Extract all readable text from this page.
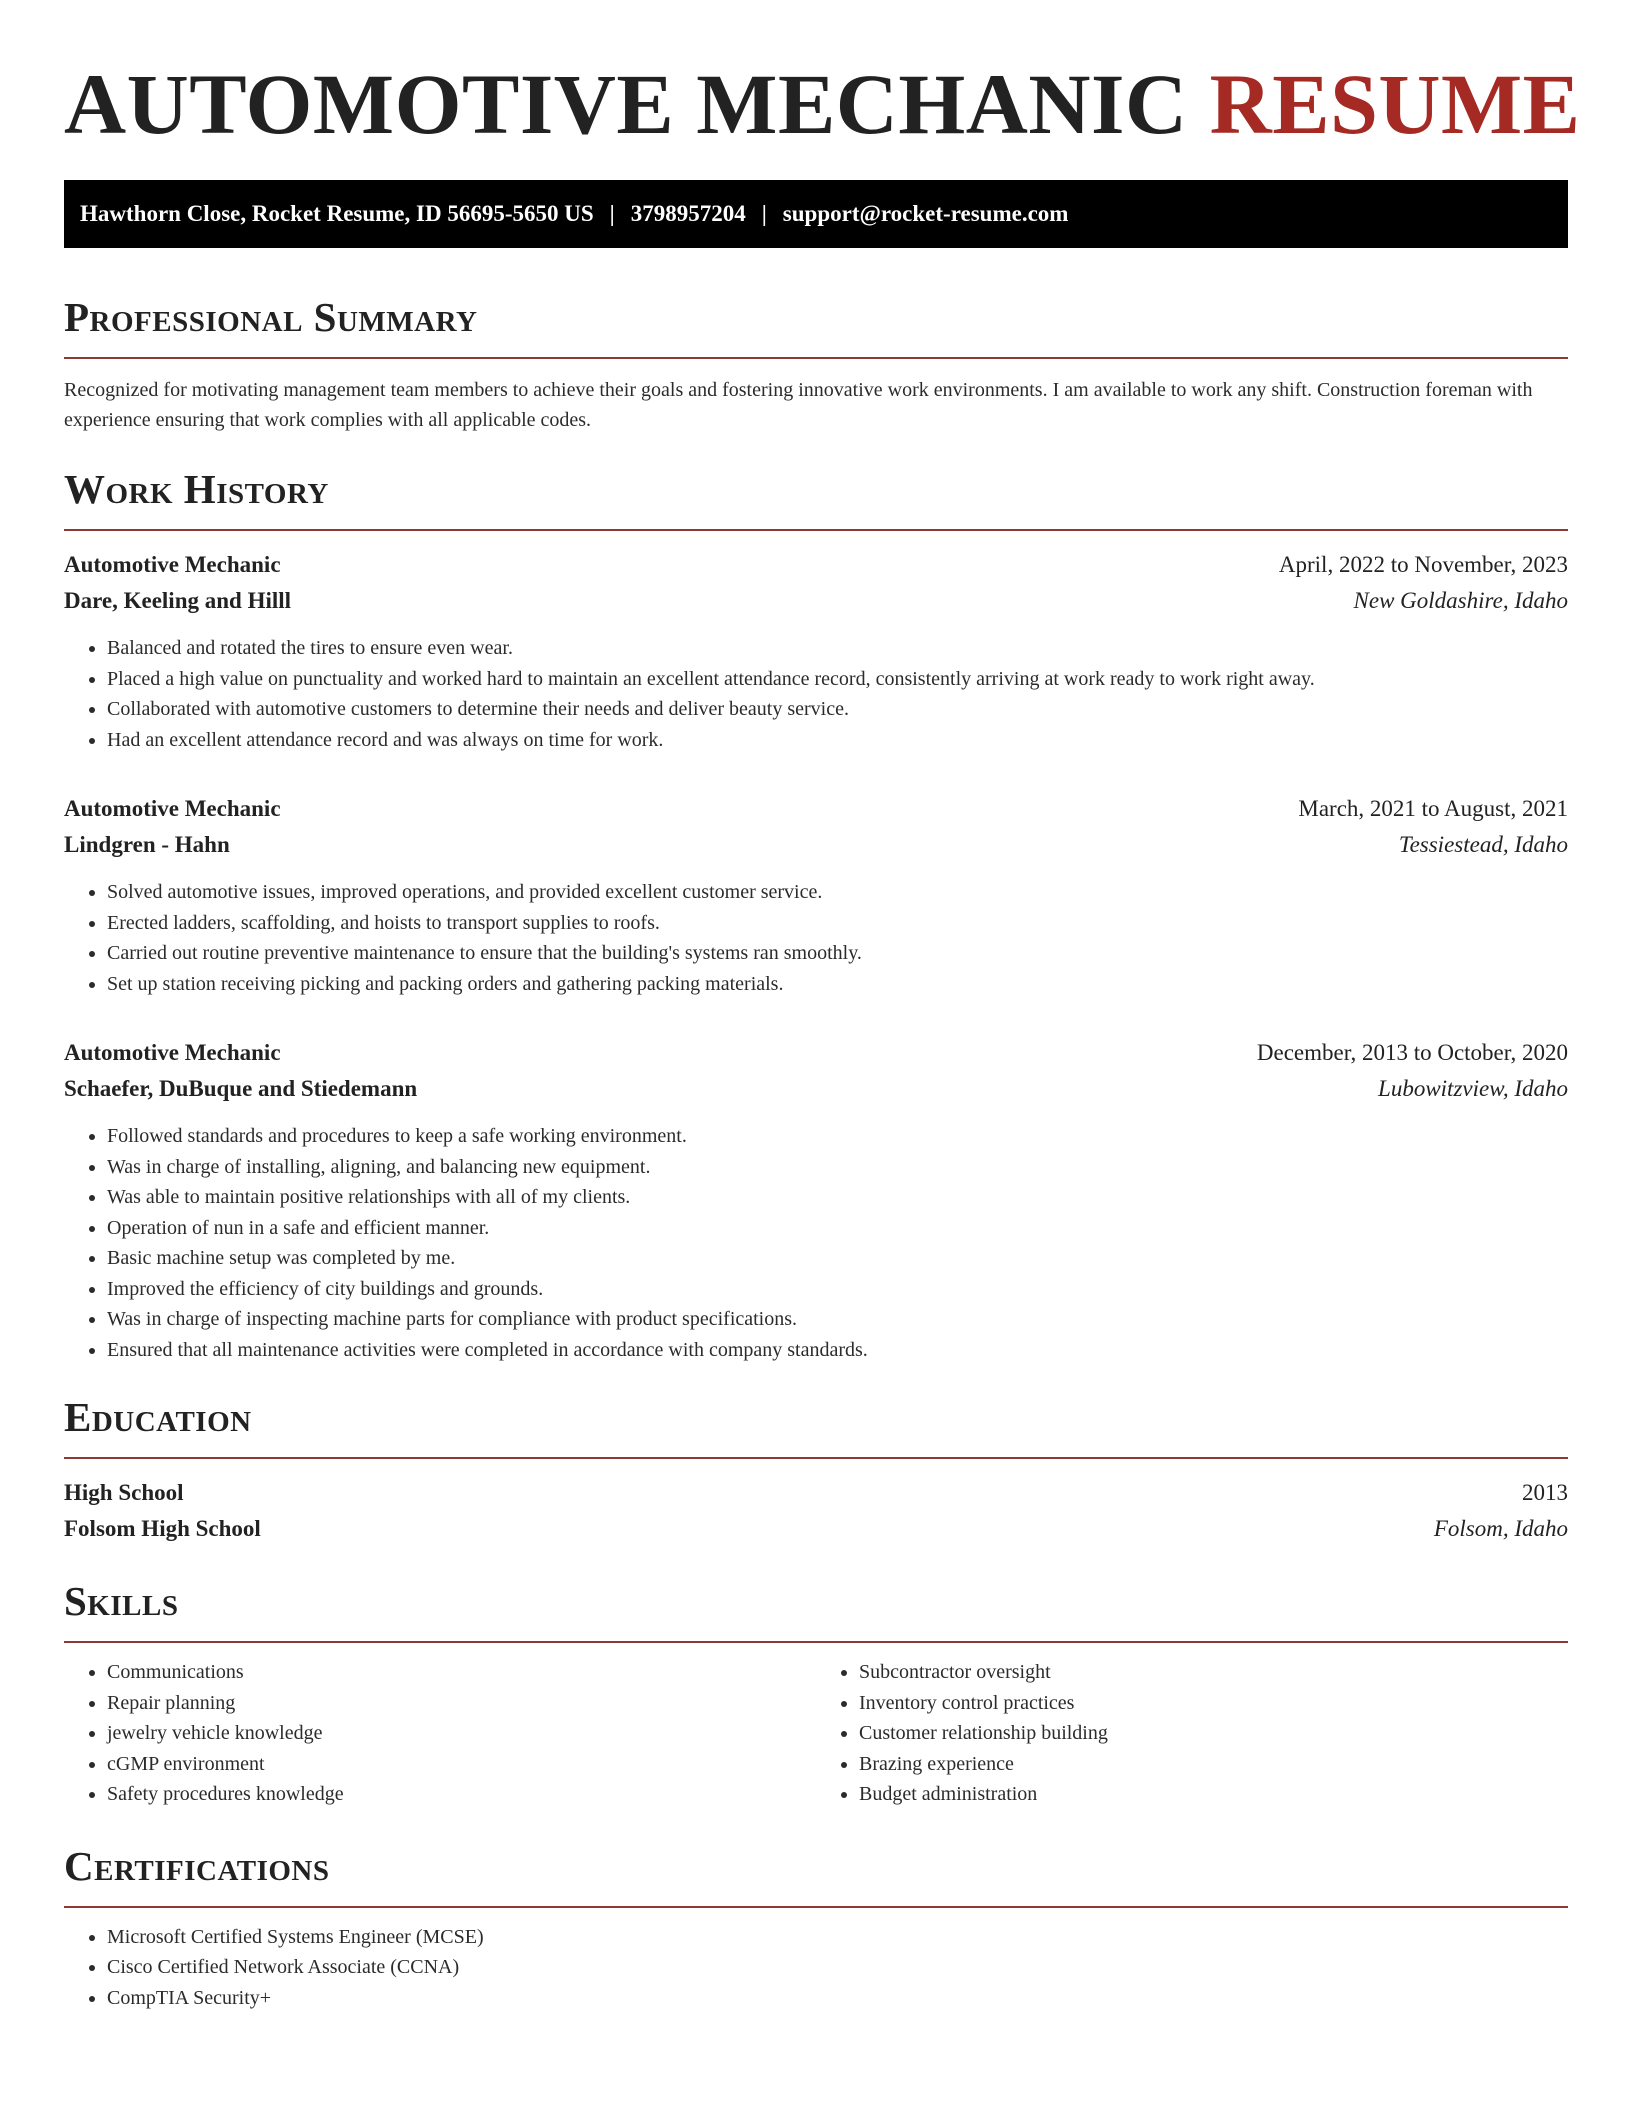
AUTOMOTIVE MECHANIC RESUME
Hawthorn Close, Rocket Resume, ID 56695-5650 US | 3798957204 | support@rocket-resume.com
Professional Summary

Recognized for motivating management team members to achieve their goals and fostering innovative work environments. I am available to work any shift. Construction foreman with experience ensuring that work complies with all applicable codes.

Work History
Automotive Mechanic	April, 2022 to November, 2023
Dare, Keeling and Hilll	New Goldashire, Idaho
• Balanced and rotated the tires to ensure even wear.
• Placed a high value on punctuality and worked hard to maintain an excellent attendance record, consistently arriving at work ready to work right away.
• Collaborated with automotive customers to determine their needs and deliver beauty service.
• Had an excellent attendance record and was always on time for work.
Automotive Mechanic	March, 2021 to August, 2021
Lindgren - Hahn	Tessiestead, Idaho
• Solved automotive issues, improved operations, and provided excellent customer service.
• Erected ladders, scaffolding, and hoists to transport supplies to roofs.
• Carried out routine preventive maintenance to ensure that the building's systems ran smoothly.
• Set up station receiving picking and packing orders and gathering packing materials.
Automotive Mechanic	December, 2013 to October, 2020
Schaefer, DuBuque and Stiedemann	Lubowitzview, Idaho
• Followed standards and procedures to keep a safe working environment.
• Was in charge of installing, aligning, and balancing new equipment.
• Was able to maintain positive relationships with all of my clients.
• Operation of nun in a safe and efficient manner.
• Basic machine setup was completed by me.
• Improved the efficiency of city buildings and grounds.
• Was in charge of inspecting machine parts for compliance with product specifications.
• Ensured that all maintenance activities were completed in accordance with company standards.
Education
High School	2013
Folsom High School	Folsom, Idaho
Skills
• Communications
• Repair planning
• jewelry vehicle knowledge
• cGMP environment
• Safety procedures knowledge
• Subcontractor oversight
• Inventory control practices
• Customer relationship building
• Brazing experience
• Budget administration
Certifications
• Microsoft Certified Systems Engineer (MCSE)
• Cisco Certified Network Associate (CCNA)
• CompTIA Security+
